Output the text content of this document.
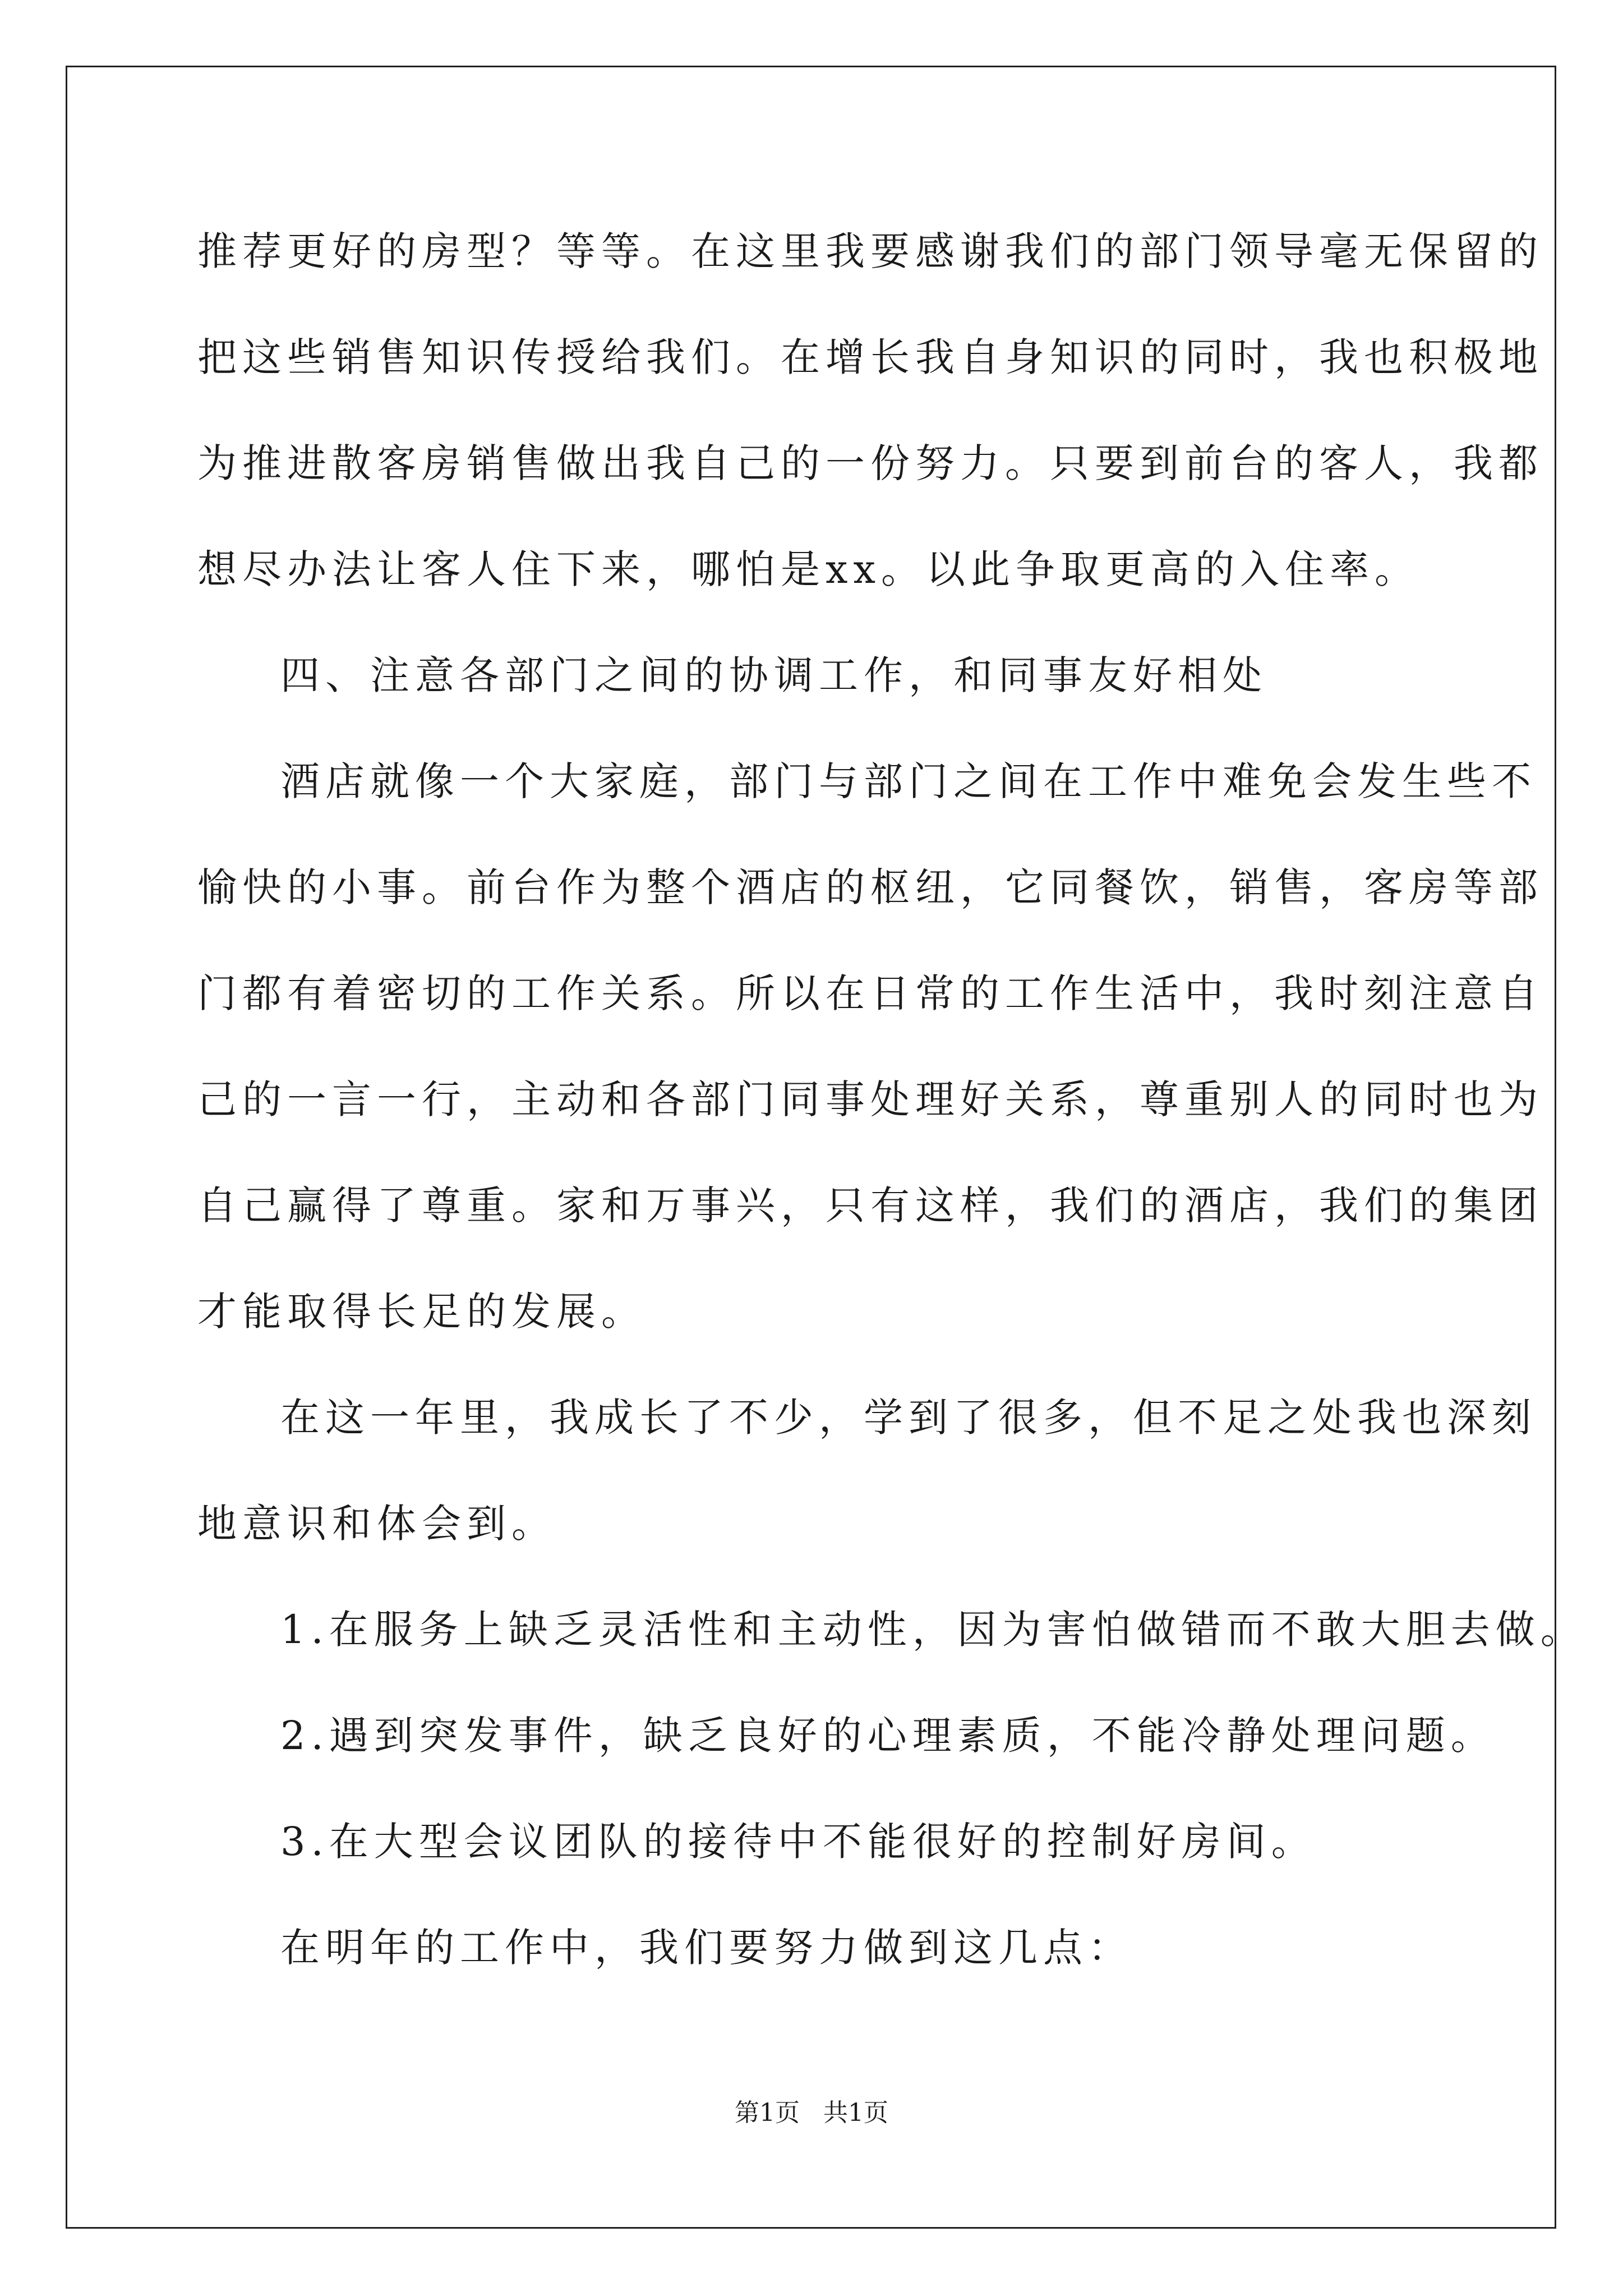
推荐更好的房型？等等。在这里我要感谢我们的部门领导毫无保留的
把这些销售知识传授给我们。在增长我自身知识的同时，我也积极地
为推进散客房销售做出我自己的一份努力。只要到前台的客人，我都
想尽办法让客人住下来，哪怕是xx。以此争取更高的入住率。
四、注意各部门之间的协调工作，和同事友好相处
酒店就像一个大家庭，部门与部门之间在工作中难免会发生些不
愉快的小事。前台作为整个酒店的枢纽，它同餐饮，销售，客房等部
门都有着密切的工作关系。所以在日常的工作生活中，我时刻注意自
己的一言一行，主动和各部门同事处理好关系，尊重别人的同时也为
自己赢得了尊重。家和万事兴，只有这样，我们的酒店，我们的集团
才能取得长足的发展。
在这一年里，我成长了不少，学到了很多，但不足之处我也深刻
地意识和体会到。
1.在服务上缺乏灵活性和主动性，因为害怕做错而不敢大胆去做。
2.遇到突发事件，缺乏良好的心理素质，不能冷静处理问题。
3.在大型会议团队的接待中不能很好的控制好房间。
在明年的工作中，我们要努力做到这几点：
第1页   共1页
